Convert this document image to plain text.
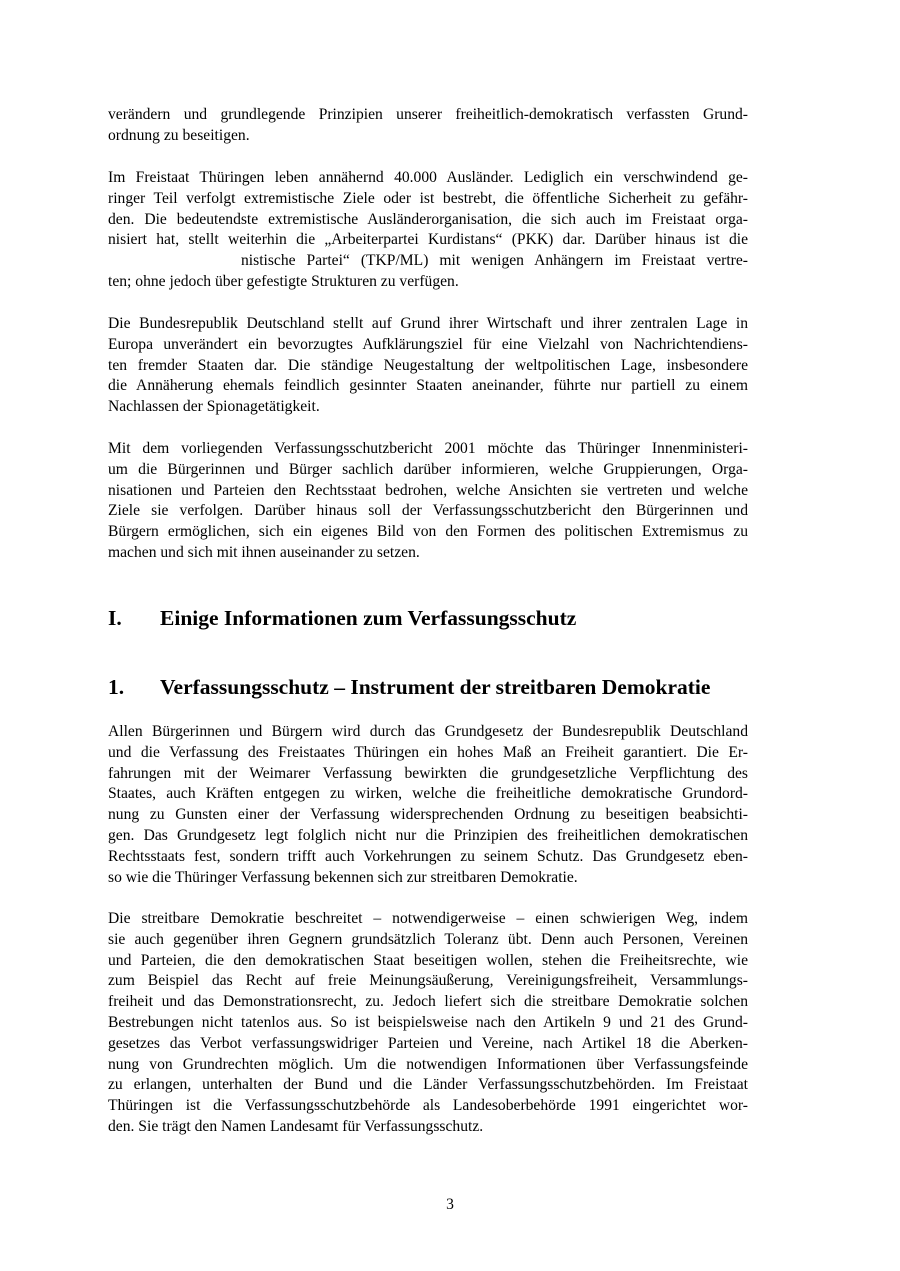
verändern und grundlegende Prinzipien unserer freiheitlich-demokratisch verfassten Grund-
ordnung zu beseitigen.
Im Freistaat Thüringen leben annähernd 40.000 Ausländer. Lediglich ein verschwindend ge-
ringer Teil verfolgt extremistische Ziele oder ist bestrebt, die öffentliche Sicherheit zu gefähr-
den. Die bedeutendste extremistische Ausländerorganisation, die sich auch im Freistaat orga-
nisiert hat, stellt weiterhin die „Arbeiterpartei Kurdistans“ (PKK) dar. Darüber hinaus ist die
nistische Partei“ (TKP/ML) mit wenigen Anhängern im Freistaat vertre-
ten; ohne jedoch über gefestigte Strukturen zu verfügen.
Die Bundesrepublik Deutschland stellt auf Grund ihrer Wirtschaft und ihrer zentralen Lage in
Europa unverändert ein bevorzugtes Aufklärungsziel für eine Vielzahl von Nachrichtendiens-
ten fremder Staaten dar. Die ständige Neugestaltung der weltpolitischen Lage, insbesondere
die Annäherung ehemals feindlich gesinnter Staaten aneinander, führte nur partiell zu einem
Nachlassen der Spionagetätigkeit.
Mit dem vorliegenden Verfassungsschutzbericht 2001 möchte das Thüringer Innenministeri-
um die Bürgerinnen und Bürger sachlich darüber informieren, welche Gruppierungen, Orga-
nisationen und Parteien den Rechtsstaat bedrohen, welche Ansichten sie vertreten und welche
Ziele sie verfolgen. Darüber hinaus soll der Verfassungsschutzbericht den Bürgerinnen und
Bürgern ermöglichen, sich ein eigenes Bild von den Formen des politischen Extremismus zu
machen und sich mit ihnen auseinander zu setzen.
I. Einige Informationen zum Verfassungsschutz
1. Verfassungsschutz – Instrument der streitbaren Demokratie
Allen Bürgerinnen und Bürgern wird durch das Grundgesetz der Bundesrepublik Deutschland
und die Verfassung des Freistaates Thüringen ein hohes Maß an Freiheit garantiert. Die Er-
fahrungen mit der Weimarer Verfassung bewirkten die grundgesetzliche Verpflichtung des
Staates, auch Kräften entgegen zu wirken, welche die freiheitliche demokratische Grundord-
nung zu Gunsten einer der Verfassung widersprechenden Ordnung zu beseitigen beabsichti-
gen. Das Grundgesetz legt folglich nicht nur die Prinzipien des freiheitlichen demokratischen
Rechtsstaats fest, sondern trifft auch Vorkehrungen zu seinem Schutz. Das Grundgesetz eben-
so wie die Thüringer Verfassung bekennen sich zur streitbaren Demokratie.
Die streitbare Demokratie beschreitet – notwendigerweise – einen schwierigen Weg, indem
sie auch gegenüber ihren Gegnern grundsätzlich Toleranz übt. Denn auch Personen, Vereinen
und Parteien, die den demokratischen Staat beseitigen wollen, stehen die Freiheitsrechte, wie
zum Beispiel das Recht auf freie Meinungsäußerung, Vereinigungsfreiheit, Versammlungs-
freiheit und das Demonstrationsrecht, zu. Jedoch liefert sich die streitbare Demokratie solchen
Bestrebungen nicht tatenlos aus. So ist beispielsweise nach den Artikeln 9 und 21 des Grund-
gesetzes das Verbot verfassungswidriger Parteien und Vereine, nach Artikel 18 die Aberken-
nung von Grundrechten möglich. Um die notwendigen Informationen über Verfassungsfeinde
zu erlangen, unterhalten der Bund und die Länder Verfassungsschutzbehörden. Im Freistaat
Thüringen ist die Verfassungsschutzbehörde als Landesoberbehörde 1991 eingerichtet wor-
den. Sie trägt den Namen Landesamt für Verfassungsschutz.
3
